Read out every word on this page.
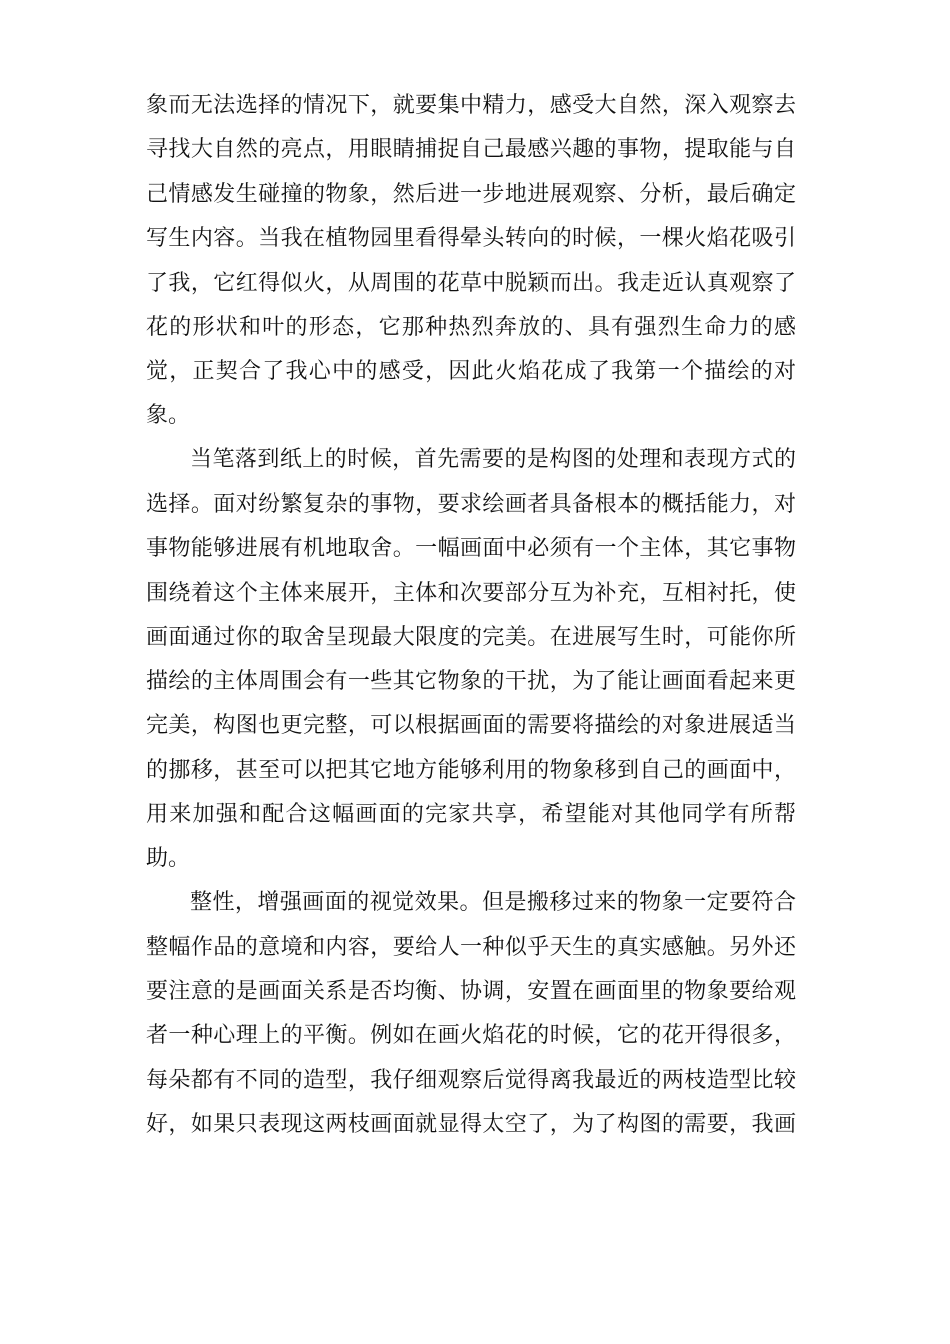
象而无法选择的情况下，就要集中精力，感受大自然，深入观察去
寻找大自然的亮点，用眼睛捕捉自己最感兴趣的事物，提取能与自
己情感发生碰撞的物象，然后进一步地进展观察、分析，最后确定
写生内容。当我在植物园里看得晕头转向的时候，一棵火焰花吸引
了我，它红得似火，从周围的花草中脱颖而出。我走近认真观察了
花的形状和叶的形态，它那种热烈奔放的、具有强烈生命力的感
觉，正契合了我心中的感受，因此火焰花成了我第一个描绘的对
象。
当笔落到纸上的时候，首先需要的是构图的处理和表现方式的
选择。面对纷繁复杂的事物，要求绘画者具备根本的概括能力，对
事物能够进展有机地取舍。一幅画面中必须有一个主体，其它事物
围绕着这个主体来展开，主体和次要部分互为补充，互相衬托，使
画面通过你的取舍呈现最大限度的完美。在进展写生时，可能你所
描绘的主体周围会有一些其它物象的干扰，为了能让画面看起来更
完美，构图也更完整，可以根据画面的需要将描绘的对象进展适当
的挪移，甚至可以把其它地方能够利用的物象移到自己的画面中，
用来加强和配合这幅画面的完家共享，希望能对其他同学有所帮
助。
整性，增强画面的视觉效果。但是搬移过来的物象一定要符合
整幅作品的意境和内容，要给人一种似乎天生的真实感触。另外还
要注意的是画面关系是否均衡、协调，安置在画面里的物象要给观
者一种心理上的平衡。例如在画火焰花的时候，它的花开得很多，
每朵都有不同的造型，我仔细观察后觉得离我最近的两枝造型比较
好，如果只表现这两枝画面就显得太空了，为了构图的需要，我画
